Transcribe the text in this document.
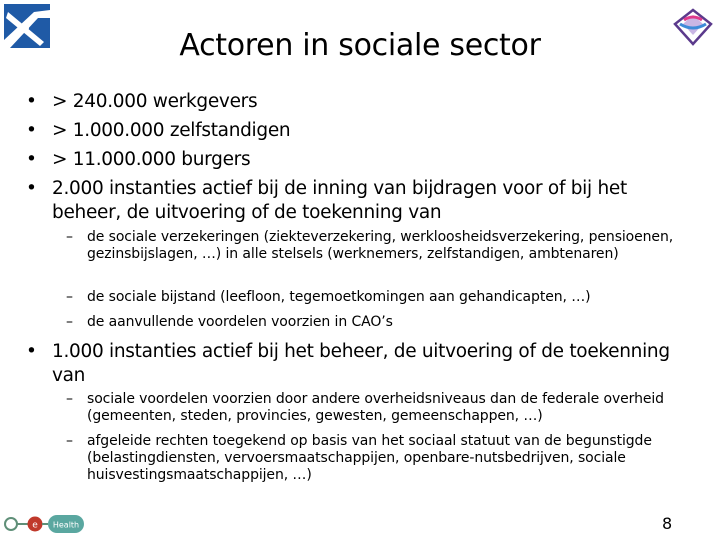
Actoren in sociale sector
• > 240.000 werkgevers
• > 1.000.000 zelfstandigen
• > 11.000.000 burgers
• 2.000 instanties actief bij de inning van bijdragen voor of bij het beheer, de uitvoering of de toekenning van
– de sociale verzekeringen (ziekteverzekering, werkloosheidsverzekering, pensioenen, gezinsbijslagen, …) in alle stelsels (werknemers, zelfstandigen, ambtenaren)
– de sociale bijstand (leefloon, tegemoetkomingen aan gehandicapten, …)
– de aanvullende voordelen voorzien in CAO’s
• 1.000 instanties actief bij het beheer, de uitvoering of de toekenning van
– sociale voordelen voorzien door andere overheidsniveaus dan de federale overheid (gemeenten, steden, provincies, gewesten, gemeenschappen, …)
– afgeleide rechten toegekend op basis van het sociaal statuut van de begunstigde (belastingdiensten, vervoersmaatschappijen, openbare-nutsbedrijven, sociale huisvestingsmaatschappijen, …)
e Health	8
